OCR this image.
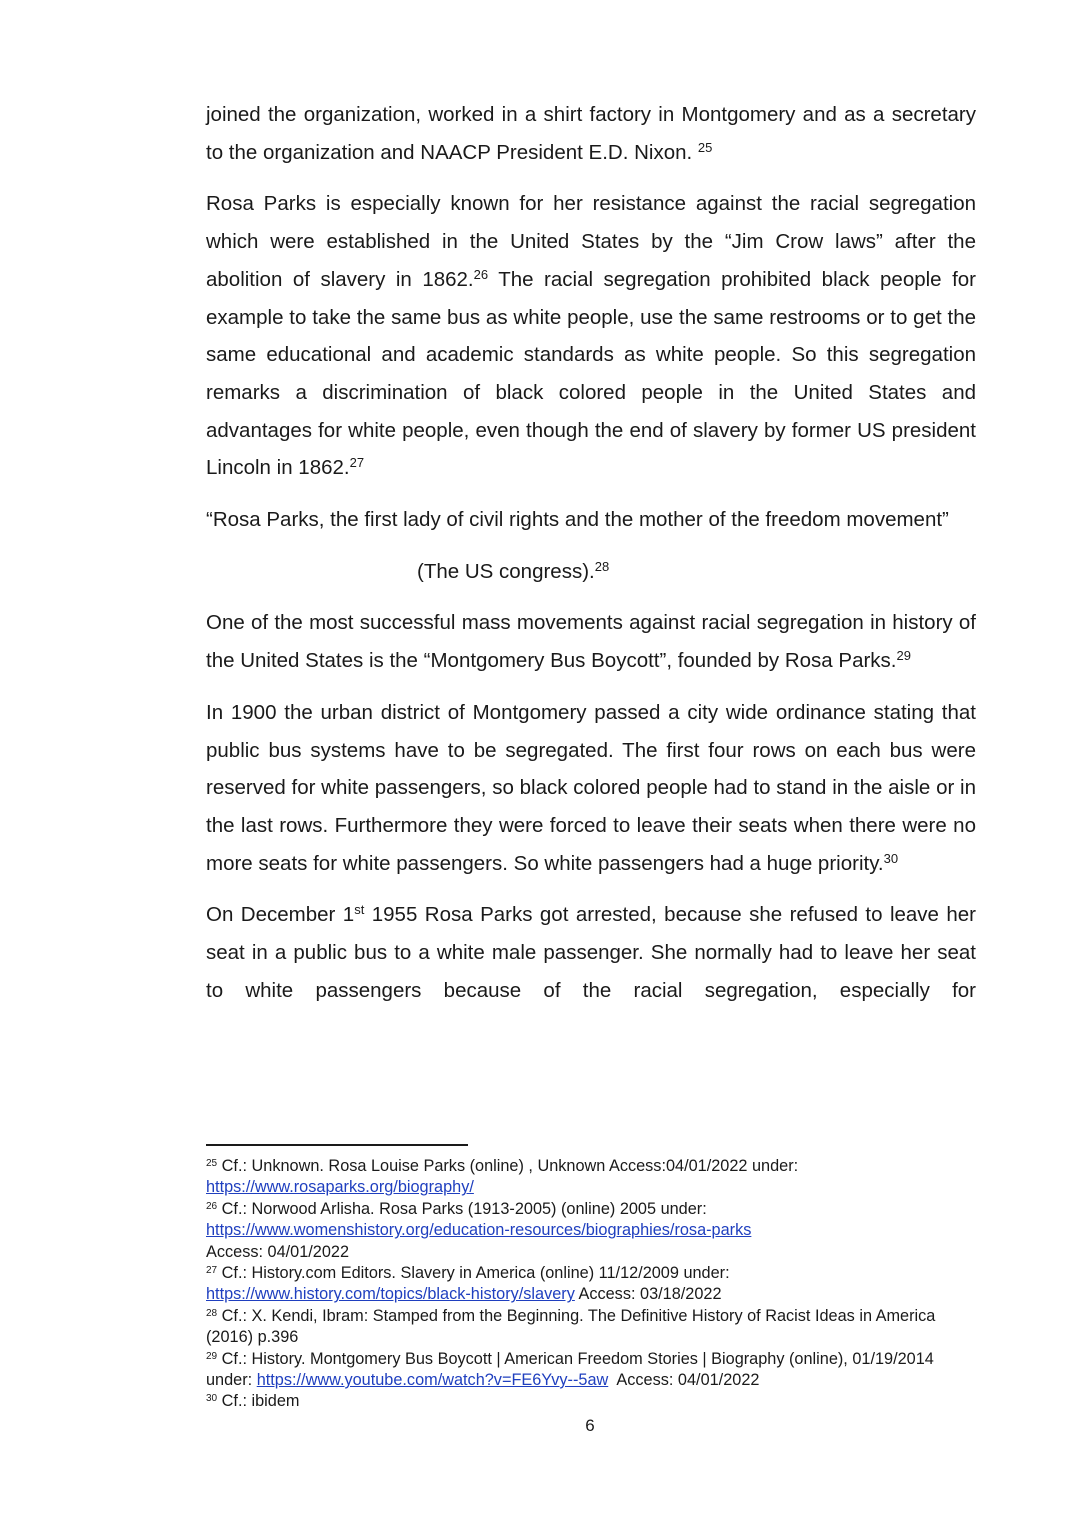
joined the organization, worked in a shirt factory in Montgomery and as a secretary to the organization and NAACP President E.D. Nixon. $^{25}$

Rosa Parks is especially known for her resistance against the racial segregation which were established in the United States by the “Jim Crow laws” after the abolition of slavery in 1862.26 The racial segregation prohibited black people for example to take the same bus as white people, use the same restrooms or to get the same educational and academic standards as white people. So this segregation remarks a discrimination of black colored people in the United States and advantages for white people, even though the end of slavery by former US president Lincoln in 1862.27

“Rosa Parks, the first lady of civil rights and the mother of the freedom movement”

(The US congress).$^{28}$

One of the most successful mass movements against racial segregation in history of the United States is the “Montgomery Bus Boycott”, founded by Rosa Parks.$^{29}$

In 1900 the urban district of Montgomery passed a city wide ordinance stating that public bus systems have to be segregated. The first four rows on each bus were reserved for white passengers, so black colored people had to stand in the aisle or in the last rows. Furthermore they were forced to leave their seats when there were no more seats for white passengers. So white passengers had a huge priority.$^{30}$

On December 1st 1955 Rosa Parks got arrested, because she refused to leave her seat in a public bus to a white male passenger. She normally had to leave her seat to white passengers because of the racial segregation, especially for

$^{25}$ Cf.: Unknown. Rosa Louise Parks (online) , Unknown Access:04/01/2022 under:
https://www.rosaparks.org/biography/
$^{26}$ Cf.: Norwood Arlisha. Rosa Parks (1913-2005) (online) 2005 under:
https://www.womenshistory.org/education-resources/biographies/rosa-parks
Access: 04/01/2022
$^{27}$ Cf.: History.com Editors. Slavery in America (online) 11/12/2009 under:
https://www.history.com/topics/black-history/slavery Access: 03/18/2022
$^{28}$ Cf.: X. Kendi, Ibram: Stamped from the Beginning. The Definitive History of Racist Ideas in America (2016) p.396
$^{29}$ Cf.: History. Montgomery Bus Boycott | American Freedom Stories | Biography (online), 01/19/2014 under: https://www.youtube.com/watch?v=FE6Yvy--5aw  Access: 04/01/2022
$^{30}$ Cf.: ibidem
6
